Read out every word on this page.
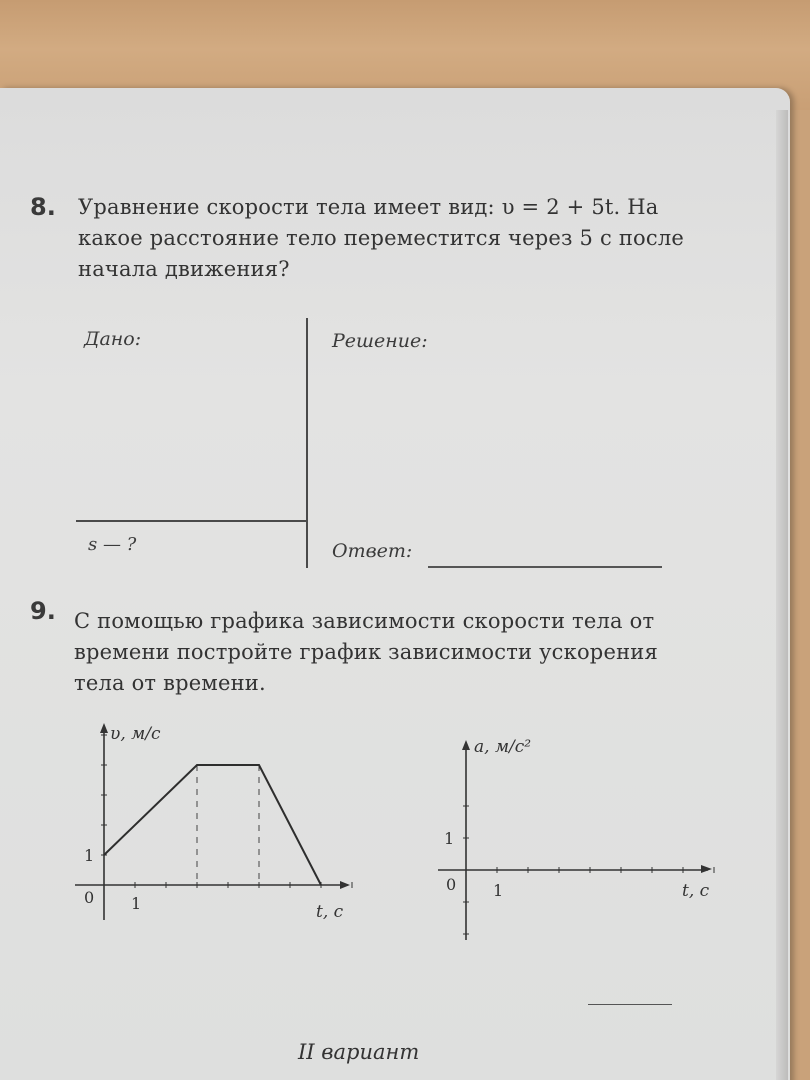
8. Уравнение скорости тела имеет вид: υ = 2 + 5t. На
какое расстояние тело переместится через 5 с после
начала движения?
Дано:	Решение:
s — ?	Ответ:
9. С помощью графика зависимости скорости тела от
времени постройте график зависимости ускорения
тела от времени.
υ, м/с
t, с
0 1
1
a, м/с²
t, с
0 1
1
II вариант
